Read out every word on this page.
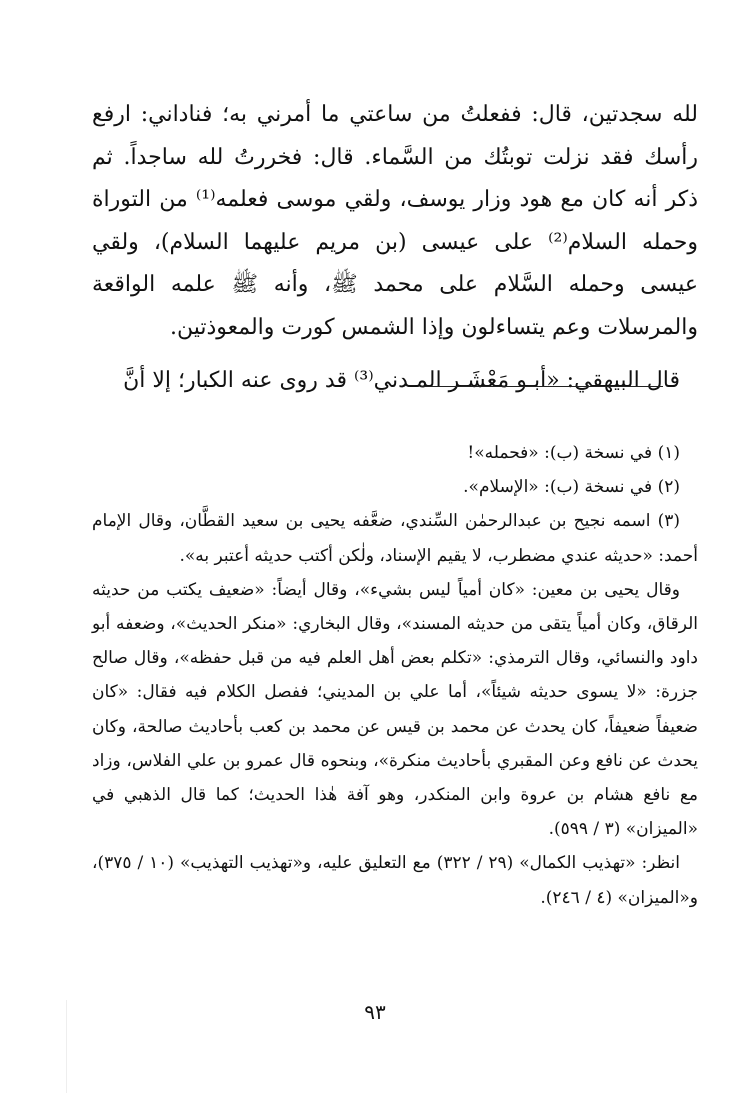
لله سجدتين، قال: ففعلتُ من ساعتي ما أمرني به؛ فناداني: ارفع رأسك فقد نزلت توبتُك من السَّماء. قال: فخررتُ لله ساجداً. ثم ذكر أنه كان مع هود وزار يوسف، ولقي موسى فعلمه⁽¹⁾ من التوراة وحمله السلام⁽²⁾ على عيسى (بن مريم عليهما السلام)، ولقي عيسى وحمله السَّلام على محمد ﷺ، وأنه ﷺ علمه الواقعة والمرسلات وعم يتساءلون وإذا الشمس كورت والمعوذتين.

قال البيهقي: «أبـو مَعْشَـر المـدني⁽³⁾ قد روى عنه الكبار؛ إلا أنَّ

(١) في نسخة (ب): «فحمله»!

(٢) في نسخة (ب): «الإسلام».

(٣) اسمه نجيح بن عبدالرحمٰن السِّندي، ضعَّفه يحيى بن سعيد القطَّان، وقال الإمام أحمد: «حديثه عندي مضطرب، لا يقيم الإسناد، ولٰكن أكتب حديثه أعتبر به».

وقال يحيى بن معين: «كان أمياً ليس بشيء»، وقال أيضاً: «ضعيف يكتب من حديثه الرقاق، وكان أمياً يتقى من حديثه المسند»، وقال البخاري: «منكر الحديث»، وضعفه أبو داود والنسائي، وقال الترمذي: «تكلم بعض أهل العلم فيه من قبل حفظه»، وقال صالح جزرة: «لا يسوى حديثه شيئاً»، أما علي بن المديني؛ ففصل الكلام فيه فقال: «كان ضعيفاً ضعيفاً، كان يحدث عن محمد بن قيس عن محمد بن كعب بأحاديث صالحة، وكان يحدث عن نافع وعن المقبري بأحاديث منكرة»، وبنحوه قال عمرو بن علي الفلاس، وزاد مع نافع هشام بن عروة وابن المنكدر، وهو آفة هٰذا الحديث؛ كما قال الذهبي في «الميزان» (٣ / ٥٩٩).

انظر: «تهذيب الكمال» (٢٩ / ٣٢٢) مع التعليق عليه، و«تهذيب التهذيب» (١٠ / ٣٧٥)، و«الميزان» (٤ / ٢٤٦).

٩٣
